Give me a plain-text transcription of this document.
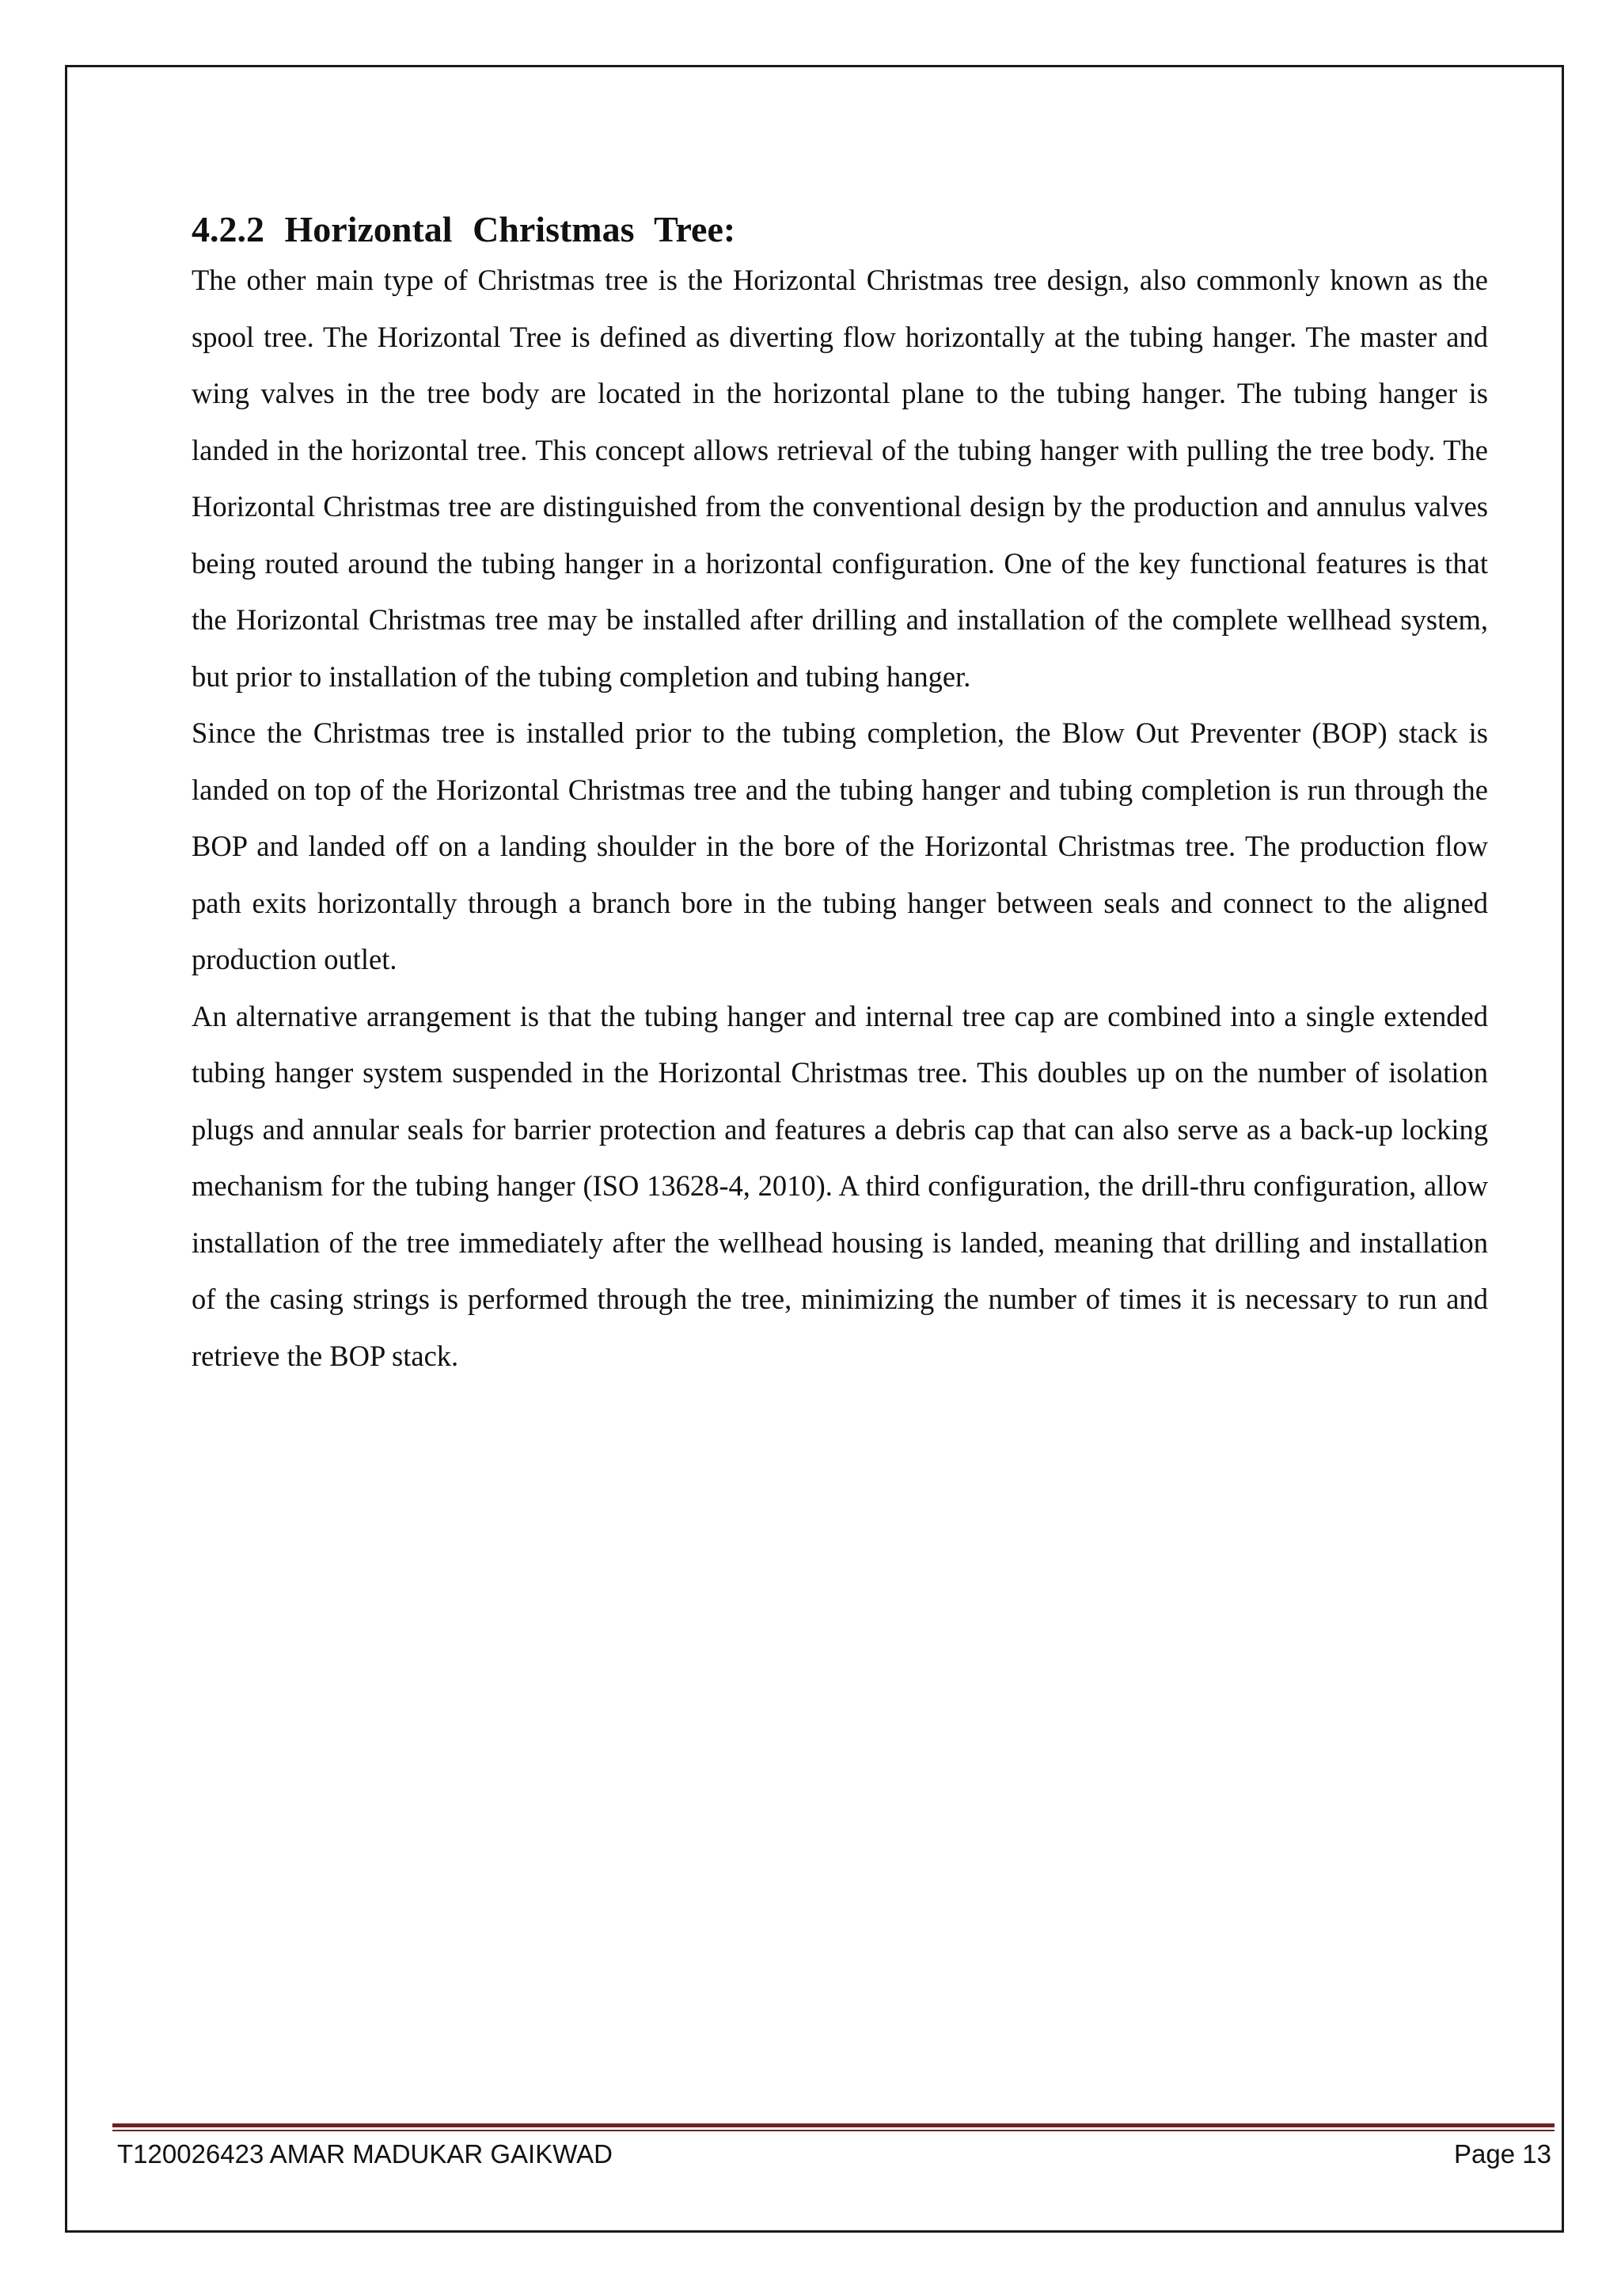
4.2.2 Horizontal Christmas Tree:

The other main type of Christmas tree is the Horizontal Christmas tree design, also commonly known as the spool tree. The Horizontal Tree is defined as diverting flow horizontally at the tubing hanger. The master and wing valves in the tree body are located in the horizontal plane to the tubing hanger. The tubing hanger is landed in the horizontal tree. This concept allows retrieval of the tubing hanger with pulling the tree body. The Horizontal Christmas tree are distinguished from the conventional design by the production and annulus valves being routed around the tubing hanger in a horizontal configuration. One of the key functional features is that the Horizontal Christmas tree may be installed after drilling and installation of the complete wellhead system, but prior to installation of the tubing completion and tubing hanger.

Since the Christmas tree is installed prior to the tubing completion, the Blow Out Preventer (BOP) stack is landed on top of the Horizontal Christmas tree and the tubing hanger and tubing completion is run through the BOP and landed off on a landing shoulder in the bore of the Horizontal Christmas tree. The production flow path exits horizontally through a branch bore in the tubing hanger between seals and connect to the aligned production outlet.

An alternative arrangement is that the tubing hanger and internal tree cap are combined into a single extended tubing hanger system suspended in the Horizontal Christmas tree. This doubles up on the number of isolation plugs and annular seals for barrier protection and features a debris cap that can also serve as a back-up locking mechanism for the tubing hanger (ISO 13628-4, 2010). A third configuration, the drill-thru configuration, allow installation of the tree immediately after the wellhead housing is landed, meaning that drilling and installation of the casing strings is performed through the tree, minimizing the number of times it is necessary to run and retrieve the BOP stack.

T120026423 AMAR MADUKAR GAIKWAD	Page 13
